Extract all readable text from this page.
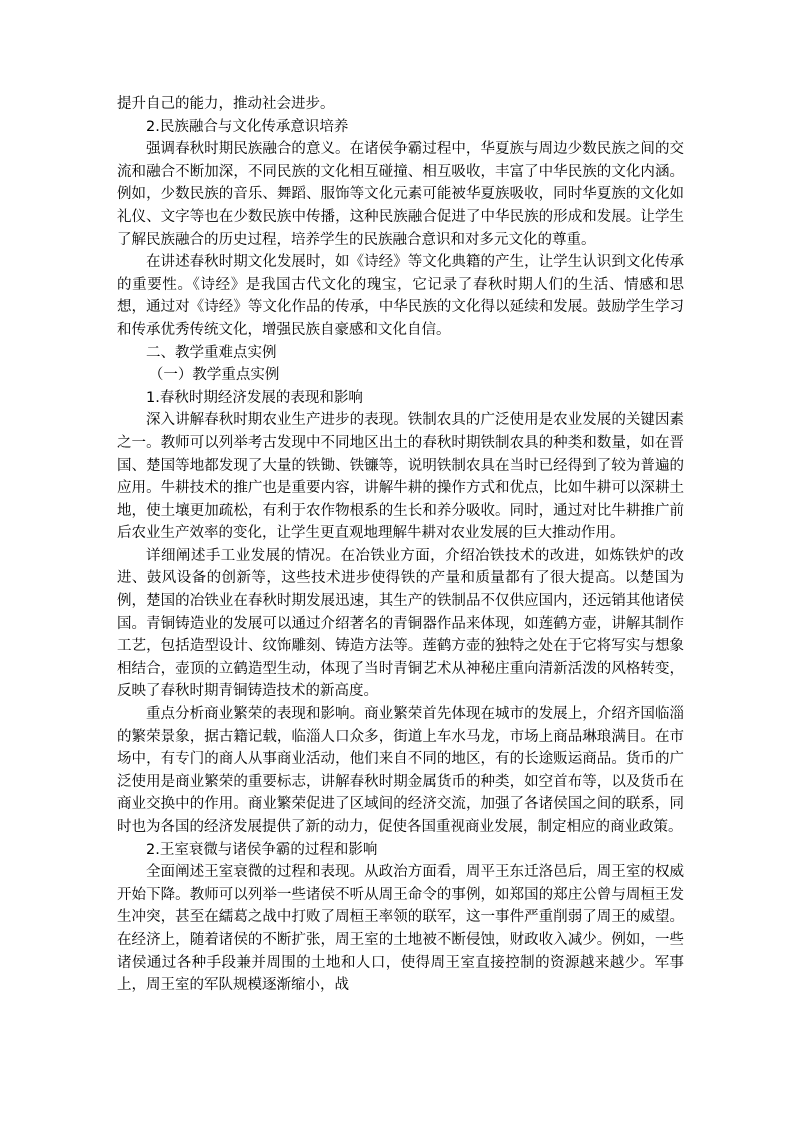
提升自己的能力，推动社会进步。

2.民族融合与文化传承意识培养

强调春秋时期民族融合的意义。在诸侯争霸过程中，华夏族与周边少数民族之间的交流和融合不断加深，不同民族的文化相互碰撞、相互吸收，丰富了中华民族的文化内涵。例如，少数民族的音乐、舞蹈、服饰等文化元素可能被华夏族吸收，同时华夏族的文化如礼仪、文字等也在少数民族中传播，这种民族融合促进了中华民族的形成和发展。让学生了解民族融合的历史过程，培养学生的民族融合意识和对多元文化的尊重。

在讲述春秋时期文化发展时，如《诗经》等文化典籍的产生，让学生认识到文化传承的重要性。《诗经》是我国古代文化的瑰宝，它记录了春秋时期人们的生活、情感和思想，通过对《诗经》等文化作品的传承，中华民族的文化得以延续和发展。鼓励学生学习和传承优秀传统文化，增强民族自豪感和文化自信。

二、教学重难点实例

（一）教学重点实例

1.春秋时期经济发展的表现和影响

深入讲解春秋时期农业生产进步的表现。铁制农具的广泛使用是农业发展的关键因素之一。教师可以列举考古发现中不同地区出土的春秋时期铁制农具的种类和数量，如在晋国、楚国等地都发现了大量的铁锄、铁镰等，说明铁制农具在当时已经得到了较为普遍的应用。牛耕技术的推广也是重要内容，讲解牛耕的操作方式和优点，比如牛耕可以深耕土地，使土壤更加疏松，有利于农作物根系的生长和养分吸收。同时，通过对比牛耕推广前后农业生产效率的变化，让学生更直观地理解牛耕对农业发展的巨大推动作用。

详细阐述手工业发展的情况。在冶铁业方面，介绍冶铁技术的改进，如炼铁炉的改进、鼓风设备的创新等，这些技术进步使得铁的产量和质量都有了很大提高。以楚国为例，楚国的冶铁业在春秋时期发展迅速，其生产的铁制品不仅供应国内，还远销其他诸侯国。青铜铸造业的发展可以通过介绍著名的青铜器作品来体现，如莲鹤方壶，讲解其制作工艺，包括造型设计、纹饰雕刻、铸造方法等。莲鹤方壶的独特之处在于它将写实与想象相结合，壶顶的立鹤造型生动，体现了当时青铜艺术从神秘庄重向清新活泼的风格转变，反映了春秋时期青铜铸造技术的新高度。

重点分析商业繁荣的表现和影响。商业繁荣首先体现在城市的发展上，介绍齐国临淄的繁荣景象，据古籍记载，临淄人口众多，街道上车水马龙，市场上商品琳琅满目。在市场中，有专门的商人从事商业活动，他们来自不同的地区，有的长途贩运商品。货币的广泛使用是商业繁荣的重要标志，讲解春秋时期金属货币的种类，如空首布等，以及货币在商业交换中的作用。商业繁荣促进了区域间的经济交流，加强了各诸侯国之间的联系，同时也为各国的经济发展提供了新的动力，促使各国重视商业发展，制定相应的商业政策。

2.王室衰微与诸侯争霸的过程和影响

全面阐述王室衰微的过程和表现。从政治方面看，周平王东迁洛邑后，周王室的权威开始下降。教师可以列举一些诸侯不听从周王命令的事例，如郑国的郑庄公曾与周桓王发生冲突，甚至在繻葛之战中打败了周桓王率领的联军，这一事件严重削弱了周王的威望。在经济上，随着诸侯的不断扩张，周王室的土地被不断侵蚀，财政收入减少。例如，一些诸侯通过各种手段兼并周围的土地和人口，使得周王室直接控制的资源越来越少。军事上，周王室的军队规模逐渐缩小，战
